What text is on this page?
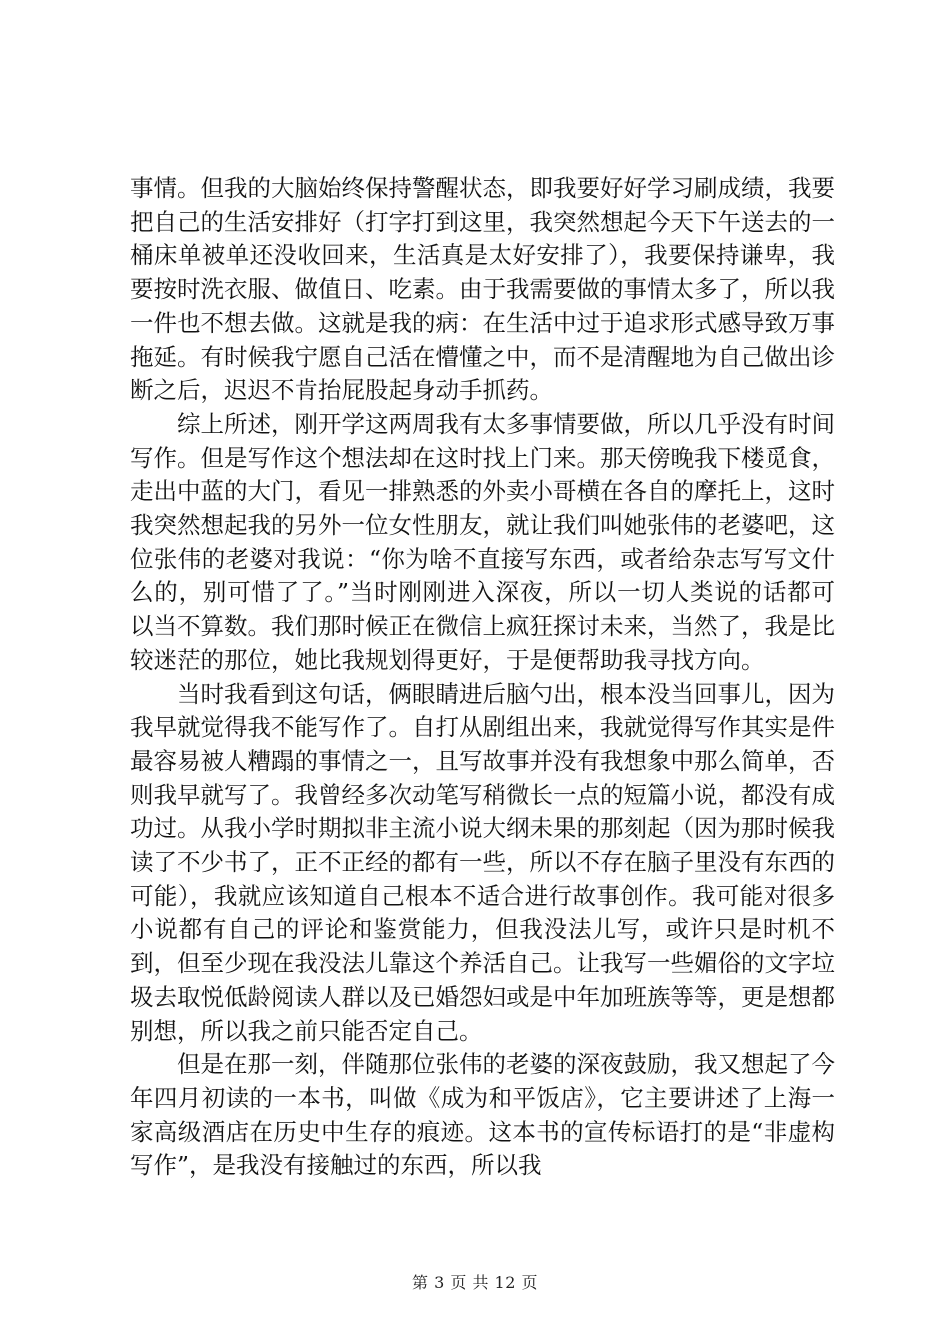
事情。但我的大脑始终保持警醒状态，即我要好好学习刷成绩，我要把自己的生活安排好（打字打到这里，我突然想起今天下午送去的一桶床单被单还没收回来，生活真是太好安排了），我要保持谦卑，我要按时洗衣服、做值日、吃素。由于我需要做的事情太多了，所以我一件也不想去做。这就是我的病：在生活中过于追求形式感导致万事拖延。有时候我宁愿自己活在懵懂之中，而不是清醒地为自己做出诊断之后，迟迟不肯抬屁股起身动手抓药。

综上所述，刚开学这两周我有太多事情要做，所以几乎没有时间写作。但是写作这个想法却在这时找上门来。那天傍晚我下楼觅食，走出中蓝的大门，看见一排熟悉的外卖小哥横在各自的摩托上，这时我突然想起我的另外一位女性朋友，就让我们叫她张伟的老婆吧，这位张伟的老婆对我说：“你为啥不直接写东西，或者给杂志写写文什么的，别可惜了了。”当时刚刚进入深夜，所以一切人类说的话都可以当不算数。我们那时候正在微信上疯狂探讨未来，当然了，我是比较迷茫的那位，她比我规划得更好，于是便帮助我寻找方向。

当时我看到这句话，俩眼睛进后脑勺出，根本没当回事儿，因为我早就觉得我不能写作了。自打从剧组出来，我就觉得写作其实是件最容易被人糟蹋的事情之一，且写故事并没有我想象中那么简单，否则我早就写了。我曾经多次动笔写稍微长一点的短篇小说，都没有成功过。从我小学时期拟非主流小说大纲未果的那刻起（因为那时候我读了不少书了，正不正经的都有一些，所以不存在脑子里没有东西的可能），我就应该知道自己根本不适合进行故事创作。我可能对很多小说都有自己的评论和鉴赏能力，但我没法儿写，或许只是时机不到，但至少现在我没法儿靠这个养活自己。让我写一些媚俗的文字垃圾去取悦低龄阅读人群以及已婚怨妇或是中年加班族等等，更是想都别想，所以我之前只能否定自己。

但是在那一刻，伴随那位张伟的老婆的深夜鼓励，我又想起了今年四月初读的一本书，叫做《成为和平饭店》，它主要讲述了上海一家高级酒店在历史中生存的痕迹。这本书的宣传标语打的是“非虚构写作”，是我没有接触过的东西，所以我

第 3 页 共 12 页
